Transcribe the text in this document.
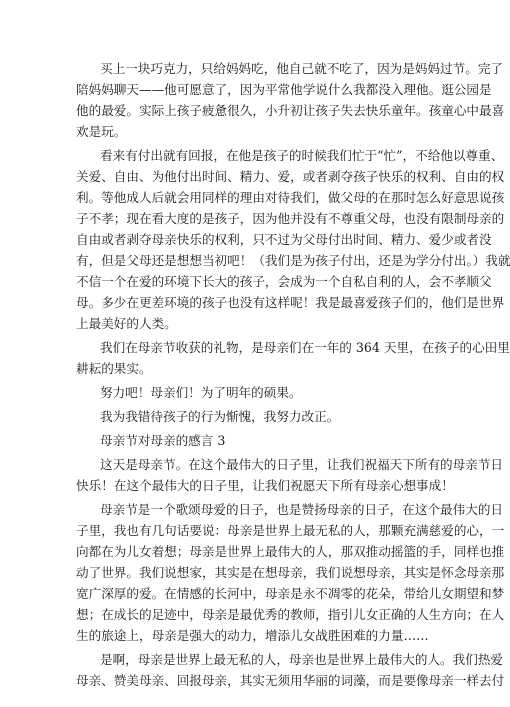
买上一块巧克力，只给妈妈吃，他自己就不吃了，因为是妈妈过节。完了
陪妈妈聊天——他可愿意了，因为平常他学说什么我都没入理他。逛公园是
他的最爱。实际上孩子疲惫很久，小升初让孩子失去快乐童年。孩童心中最喜
欢是玩。
看来有付出就有回报，在他是孩子的时候我们忙于“忙”，不给他以尊重、
关爱、自由、为他付出时间、精力、爱，或者剥夺孩子快乐的权利、自由的权
利。等他成人后就会用同样的理由对待我们，做父母的在那时怎么好意思说孩
子不孝；现在看大度的是孩子，因为他并没有不尊重父母，也没有限制母亲的
自由或者剥夺母亲快乐的权利，只不过为父母付出时间、精力、爱少或者没
有，但是父母还是想想当初吧！（我们是为孩子付出，还是为学分付出。）我就
不信一个在爱的环境下长大的孩子，会成为一个自私自利的人，会不孝顺父
母。多少在更差环境的孩子也没有这样呢！我是最喜爱孩子们的，他们是世界
上最美好的人类。
我们在母亲节收获的礼物，是母亲们在一年的 364 天里，在孩子的心田里
耕耘的果实。
努力吧！母亲们！为了明年的硕果。
我为我错待孩子的行为惭愧，我努力改正。
母亲节对母亲的感言 3
这天是母亲节。在这个最伟大的日子里，让我们祝福天下所有的母亲节日
快乐！在这个最伟大的日子里，让我们祝愿天下所有母亲心想事成！
母亲节是一个歌颂母爱的日子，也是赞扬母亲的日子，在这个最伟大的日
子里，我也有几句话要说：母亲是世界上最无私的人，那颗充满慈爱的心，一
向都在为儿女着想；母亲是世界上最伟大的人，那双推动摇篮的手，同样也推
动了世界。我们说想家，其实是在想母亲，我们说想母亲，其实是怀念母亲那
宽广深厚的爱。在情感的长河中，母亲是永不凋零的花朵，带给儿女期望和梦
想；在成长的足迹中，母亲是最优秀的教师，指引儿女正确的人生方向；在人
生的旅途上，母亲是强大的动力，增添儿女战胜困难的力量……
是啊，母亲是世界上最无私的人，母亲也是世界上最伟大的人。我们热爱
母亲、赞美母亲、回报母亲，其实无须用华丽的词藻，而是要像母亲一样去付
